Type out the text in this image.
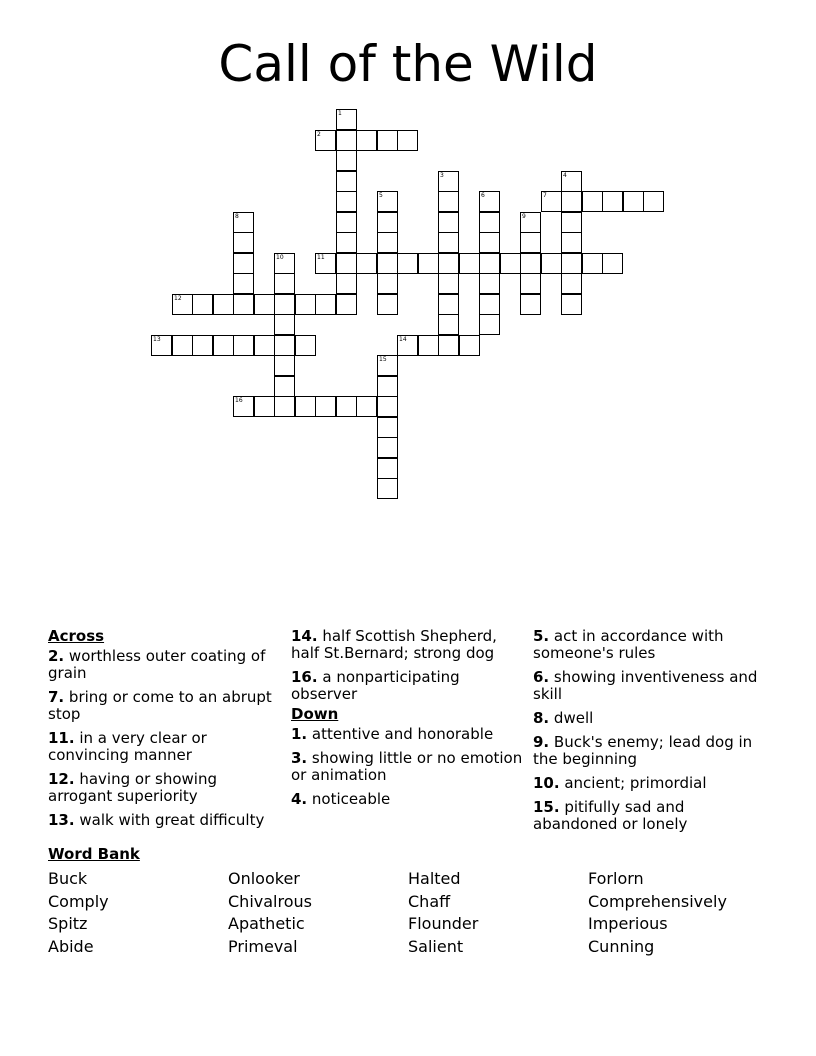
Call of the Wild
1
2
3	4
5	6	7
8	9
10	11
12
13	14
15
16
Across
2. worthless outer coating of grain
7. bring or come to an abrupt stop
11. in a very clear or convincing manner
12. having or showing arrogant superiority
13. walk with great difficulty
14. half Scottish Shepherd, half St.Bernard; strong dog
16. a nonparticipating observer
Down
1. attentive and honorable
3. showing little or no emotion or animation
4. noticeable
5. act in accordance with someone's rules
6. showing inventiveness and skill
8. dwell
9. Buck's enemy; lead dog in the beginning
10. ancient; primordial
15. pitifully sad and abandoned or lonely
Word Bank
Buck	Onlooker	Halted	Forlorn
Comply	Chivalrous	Chaff	Comprehensively
Spitz	Apathetic	Flounder	Imperious
Abide	Primeval	Salient	Cunning
